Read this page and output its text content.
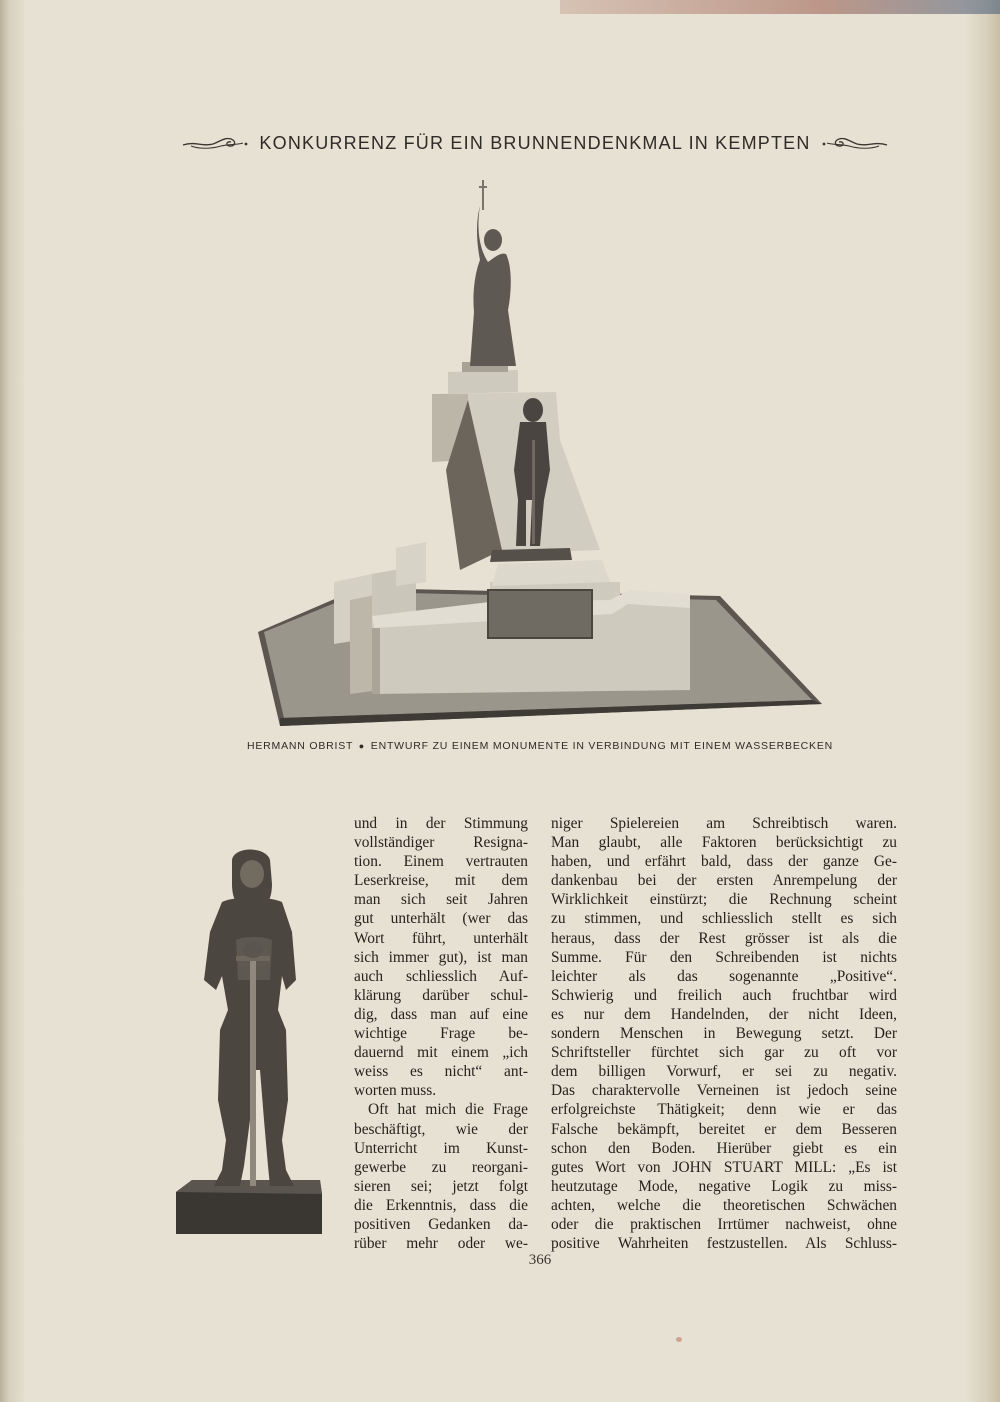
KONKURRENZ FÜR EIN BRUNNENDENKMAL IN KEMPTEN
HERMANN OBRIST ● ENTWURF ZU EINEM MONUMENTE IN VERBINDUNG MIT EINEM WASSERBECKEN

und in der Stimmung

vollständiger Resigna-

tion. Einem vertrauten

Leserkreise, mit dem

man sich seit Jahren

gut unterhält (wer das

Wort führt, unterhält

sich immer gut), ist man

auch schliesslich Auf-

klärung darüber schul-

dig, dass man auf eine

wichtige Frage be-

dauernd mit einem „ich

weiss es nicht“ ant-

worten muss.

Oft hat mich die Frage

beschäftigt, wie der

Unterricht im Kunst-

gewerbe zu reorgani-

sieren sei; jetzt folgt

die Erkenntnis, dass die

positiven Gedanken da-

rüber mehr oder we-

niger Spielereien am Schreibtisch waren.

Man glaubt, alle Faktoren berücksichtigt zu

haben, und erfährt bald, dass der ganze Ge-

dankenbau bei der ersten Anrempelung der

Wirklichkeit einstürzt; die Rechnung scheint

zu stimmen, und schliesslich stellt es sich

heraus, dass der Rest grösser ist als die

Summe. Für den Schreibenden ist nichts

leichter als das sogenannte „Positive“.

Schwierig und freilich auch fruchtbar wird

es nur dem Handelnden, der nicht Ideen,

sondern Menschen in Bewegung setzt. Der

Schriftsteller fürchtet sich gar zu oft vor

dem billigen Vorwurf, er sei zu negativ.

Das charaktervolle Verneinen ist jedoch seine

erfolgreichste Thätigkeit; denn wie er das

Falsche bekämpft, bereitet er dem Besseren

schon den Boden. Hierüber giebt es ein

gutes Wort von JOHN STUART MILL: „Es ist

heutzutage Mode, negative Logik zu miss-

achten, welche die theoretischen Schwächen

oder die praktischen Irrtümer nachweist, ohne

positive Wahrheiten festzustellen. Als Schluss-

366
